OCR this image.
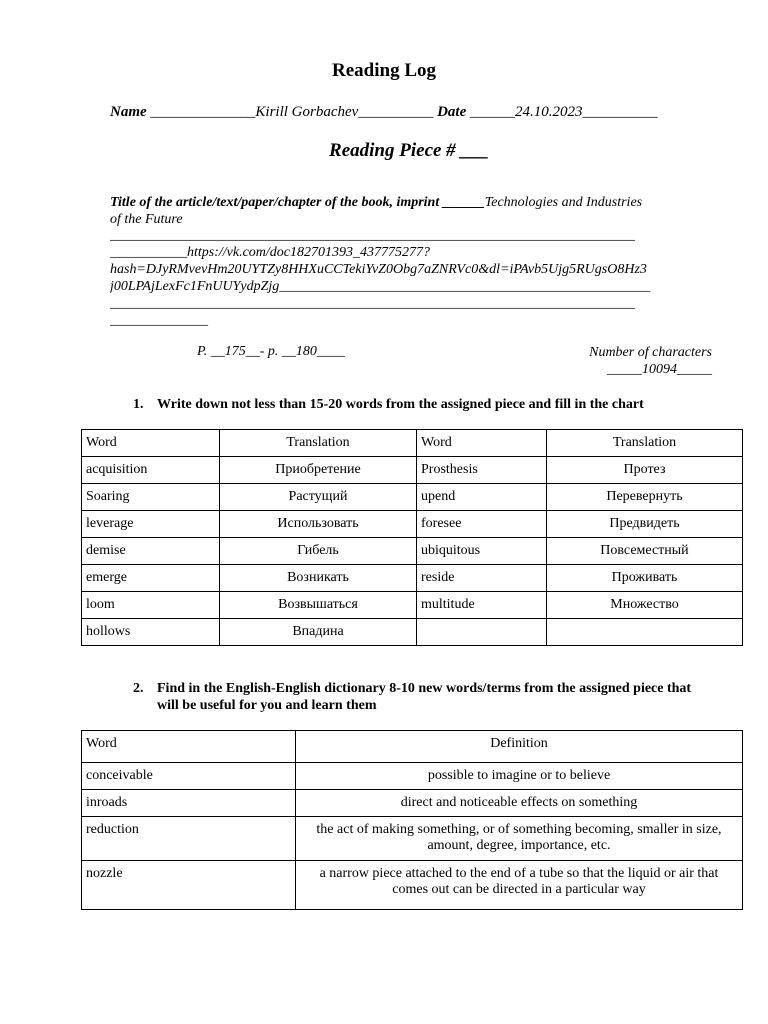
Reading Log
Name ______________Kirill Gorbachev__________ Date ______24.10.2023__________
Reading Piece # ___
Title of the article/text/paper/chapter of the book, imprint ______Technologies and Industries
of the Future
___________________________________________________________________________
___________https://vk.com/doc182701393_437775277?
hash=DJyRMvevHm20UYTZy8HHXuCCTekiYvZ0Obg7aZNRVc0&dl=iPAvb5Ujg5RUgsO8Hz3
j00LPAjLexFc1FnUUYydpZjg_____________________________________________________
___________________________________________________________________________
______________
P. __175__- p. __180____	Number of characters
_____10094_____
1. Write down not less than 15-20 words from the assigned piece and fill in the chart
Word	Translation	Word	Translation
acquisition	Приобретение	Prosthesis	Протез
Soaring	Растущий	upend	Перевернуть
leverage	Использовать	foresee	Предвидеть
demise	Гибель	ubiquitous	Повсеместный
emerge	Возникать	reside	Проживать
loom	Возвышаться	multitude	Множество
hollows	Впадина		
2. Find in the English-English dictionary 8-10 new words/terms from the assigned piece that will be useful for you and learn them
Word	Definition
conceivable	possible to imagine or to believe
inroads	direct and noticeable effects on something
reduction	the act of making something, or of something becoming, smaller in size, amount, degree, importance, etc.
nozzle	a narrow piece attached to the end of a tube so that the liquid or air that comes out can be directed in a particular way
